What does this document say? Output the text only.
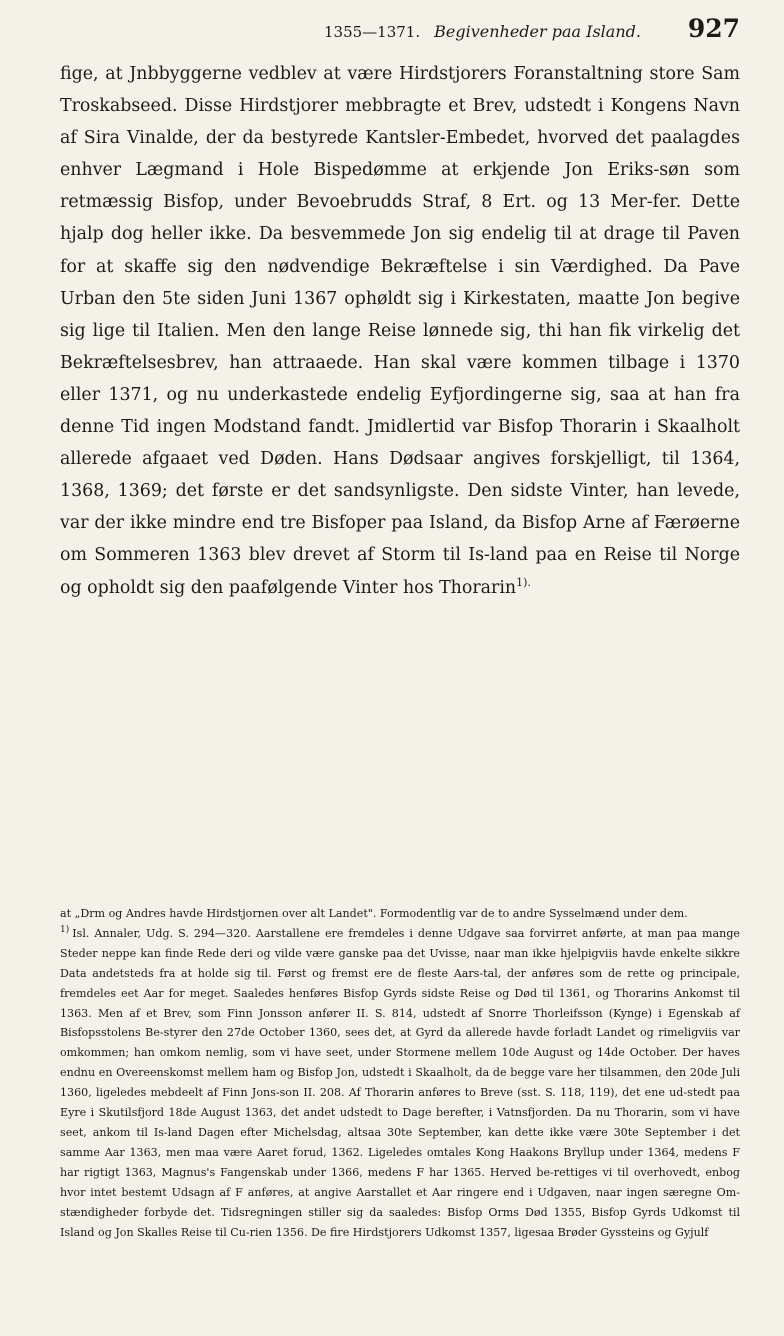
1355—1371. Begivenheder paa Island. 927

fige, at Jnbbyggerne vedblev at være Hirdstjorers Foranstaltning store Sam Troskabseed. Disse Hirdstjorer mebbragte et Brev, udstedt i Kongens Navn af Sira Vinalde, der da bestyrede Kantsler-Embedet, hvorved det paalagdes enhver Lægmand i Hole Bispedømme at erkjende Jon Eriks-søn som retmæssig Bisfop, under Bevoebrudds Straf, 8 Ert. og 13 Mer-fer. Dette hjalp dog heller ikke. Da besvemmede Jon sig endelig til at drage til Paven for at skaffe sig den nødvendige Bekræftelse i sin Værdighed. Da Pave Urban den 5te siden Juni 1367 ophøldt sig i Kirkestaten, maatte Jon begive sig lige til Italien. Men den lange Reise lønnede sig, thi han fik virkelig det Bekræftelsesbrev, han attraaede. Han skal være kommen tilbage i 1370 eller 1371, og nu underkastede endelig Eyfjordingerne sig, saa at han fra denne Tid ingen Modstand fandt. Jmidlertid var Bisfop Thorarin i Skaalholt allerede afgaaet ved Døden. Hans Dødsaar angives forskjelligt, til 1364, 1368, 1369; det første er det sandsynligste. Den sidste Vinter, han levede, var der ikke mindre end tre Bisfoper paa Island, da Bisfop Arne af Færøerne om Sommeren 1363 blev drevet af Storm til Is-land paa en Reise til Norge og opholdt sig den paafølgende Vinter hos Thorarin$^{1).}$

at „Drm og Andres havde Hirdstjornen over alt Landet". Formodentlig var de to andre Sysselmænd under dem.

$^{1)}$ Isl. Annaler, Udg. S. 294—320. Aarstallene ere fremdeles i denne Udgave saa forvirret anførte, at man paa mange Steder neppe kan finde Rede deri og vilde være ganske paa det Uvisse, naar man ikke hjelpigviis havde enkelte sikkre Data andetsteds fra at holde sig til. Først og fremst ere de fleste Aars-tal, der anføres som de rette og principale, fremdeles eet Aar for meget. Saaledes henføres Bisfop Gyrds sidste Reise og Død til 1361, og Thorarins Ankomst til 1363. Men af et Brev, som Finn Jonsson anfører II. S. 814, udstedt af Snorre Thorleifsson (Kynge) i Egenskab af Bisfopsstolens Be-styrer den 27de October 1360, sees det, at Gyrd da allerede havde forladt Landet og rimeligviis var omkommen; han omkom nemlig, som vi have seet, under Stormene mellem 10de August og 14de October. Der haves endnu en Overeenskomst mellem ham og Bisfop Jon, udstedt i Skaalholt, da de begge vare her tilsammen, den 20de Juli 1360, ligeledes mebdeelt af Finn Jons-son II. 208. Af Thorarin anføres to Breve (sst. S. 118, 119), det ene ud-stedt paa Eyre i Skutilsfjord 18de August 1363, det andet udstedt to Dage berefter, i Vatnsfjorden. Da nu Thorarin, som vi have seet, ankom til Is-land Dagen efter Michelsdag, altsaa 30te September, kan dette ikke være 30te September i det samme Aar 1363, men maa være Aaret forud, 1362. Ligeledes omtales Kong Haakons Bryllup under 1364, medens F har rigtigt 1363, Magnus's Fangenskab under 1366, medens F har 1365. Herved be-rettiges vi til overhovedt, enbog hvor intet bestemt Udsagn af F anføres, at angive Aarstallet et Aar ringere end i Udgaven, naar ingen særegne Om-stændigheder forbyde det. Tidsregningen stiller sig da saaledes: Bisfop Orms Død 1355, Bisfop Gyrds Udkomst til Island og Jon Skalles Reise til Cu-rien 1356. De fire Hirdstjorers Udkomst 1357, ligesaa Brøder Gyssteins og Gyjulf
